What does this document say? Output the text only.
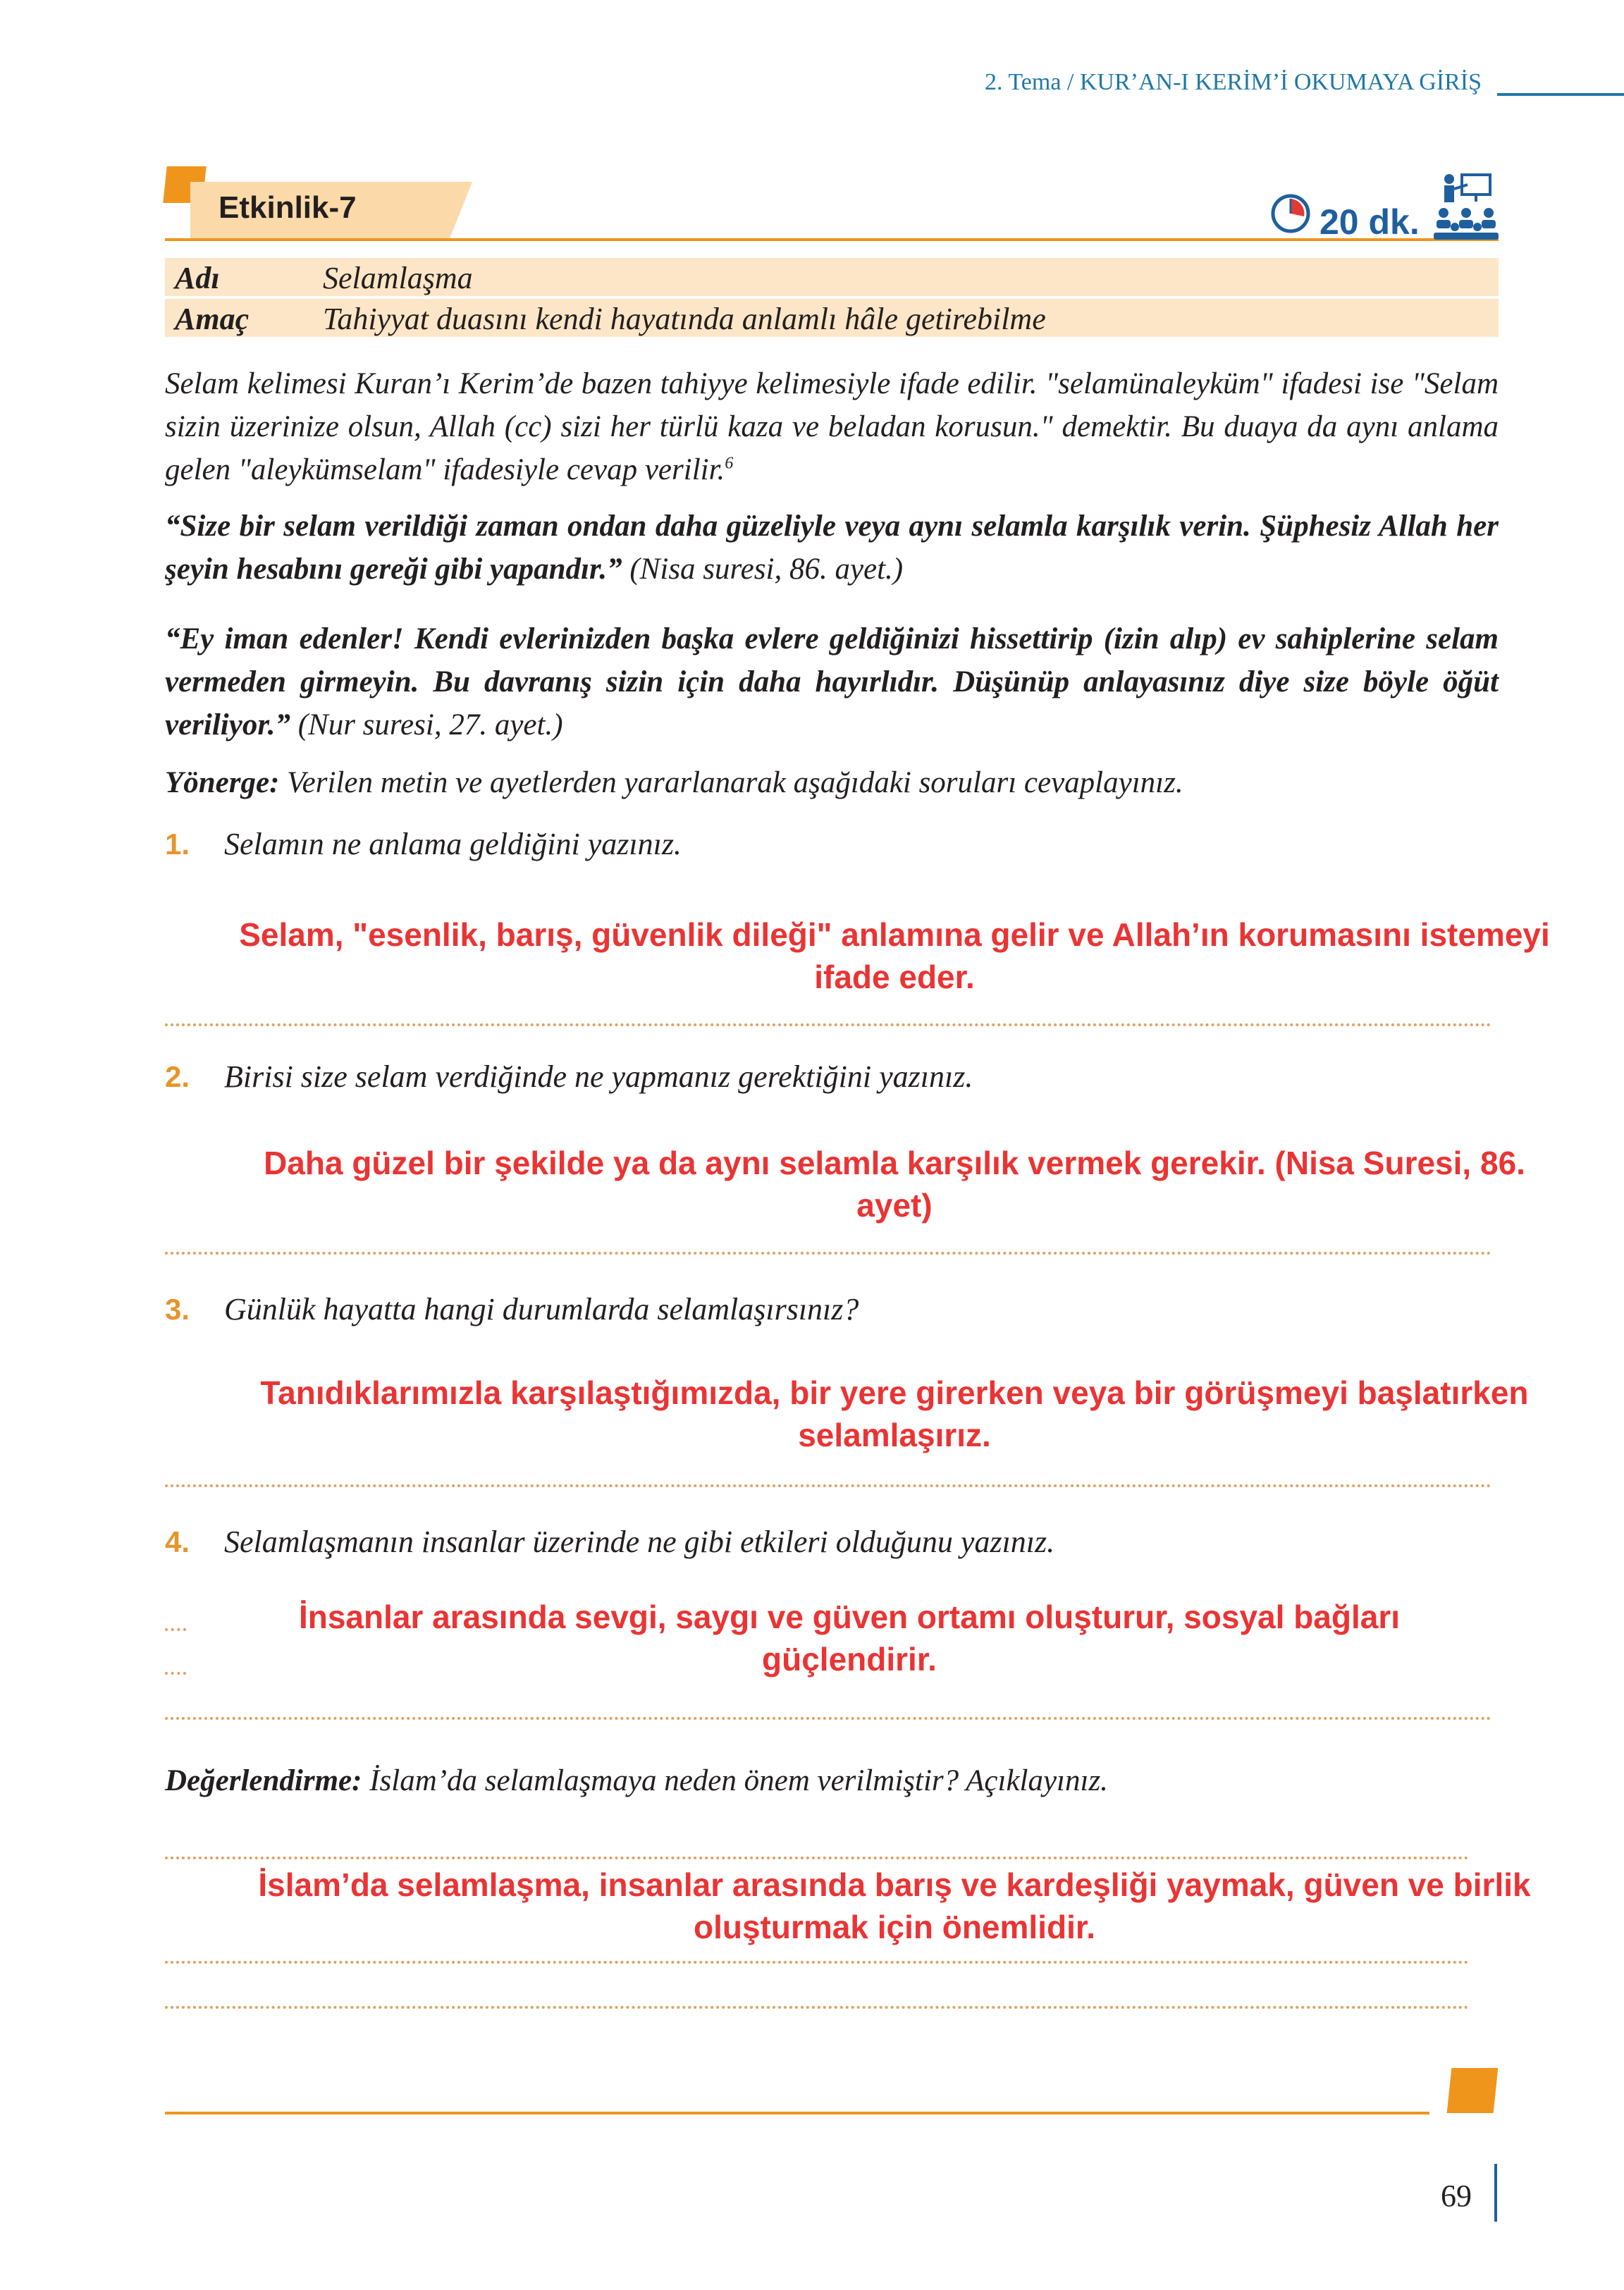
2. Tema / KUR’AN-I KERİM’İ OKUMAYA GİRİŞ
Etkinlik-7	20 dk.
Adı	Selamlaşma
Amaç Tahiyyat duasını kendi hayatında anlamlı hâle getirebilme
Selam kelimesi Kuran’ı Kerim’de bazen tahiyye kelimesiyle ifade edilir. "selamünaleyküm" ifadesi ise "Selam sizin üzerinize olsun, Allah (cc) sizi her türlü kaza ve beladan korusun." demektir. Bu duaya da aynı anlama gelen "aleykümselam" ifadesiyle cevap verilir.$^6$
“Size bir selam verildiği zaman ondan daha güzeliyle veya aynı selamla karşılık verin. Şüphesiz Allah her şeyin hesabını gereği gibi yapandır.” (Nisa suresi, 86. ayet.)
“Ey iman edenler! Kendi evlerinizden başka evlere geldiğinizi hissettirip (izin alıp) ev sahiplerine selam vermeden girmeyin. Bu davranış sizin için daha hayırlıdır. Düşünüp anlayasınız diye size böyle öğüt veriliyor.” (Nur suresi, 27. ayet.)
Yönerge: Verilen metin ve ayetlerden yararlanarak aşağıdaki soruları cevaplayınız.
1. Selamın ne anlama geldiğini yazınız.
Selam, "esenlik, barış, güvenlik dileği" anlamına gelir ve Allah’ın korumasını istemeyi
ifade eder.
2. Birisi size selam verdiğinde ne yapmanız gerektiğini yazınız.
Daha güzel bir şekilde ya da aynı selamla karşılık vermek gerekir. (Nisa Suresi, 86.
ayet)
3. Günlük hayatta hangi durumlarda selamlaşırsınız?
Tanıdıklarımızla karşılaştığımızda, bir yere girerken veya bir görüşmeyi başlatırken
selamlaşırız.
4. Selamlaşmanın insanlar üzerinde ne gibi etkileri olduğunu yazınız.
İnsanlar arasında sevgi, saygı ve güven ortamı oluşturur, sosyal bağları
güçlendirir.
Değerlendirme: İslam’da selamlaşmaya neden önem verilmiştir? Açıklayınız.
İslam’da selamlaşma, insanlar arasında barış ve kardeşliği yaymak, güven ve birlik
oluşturmak için önemlidir.
69
